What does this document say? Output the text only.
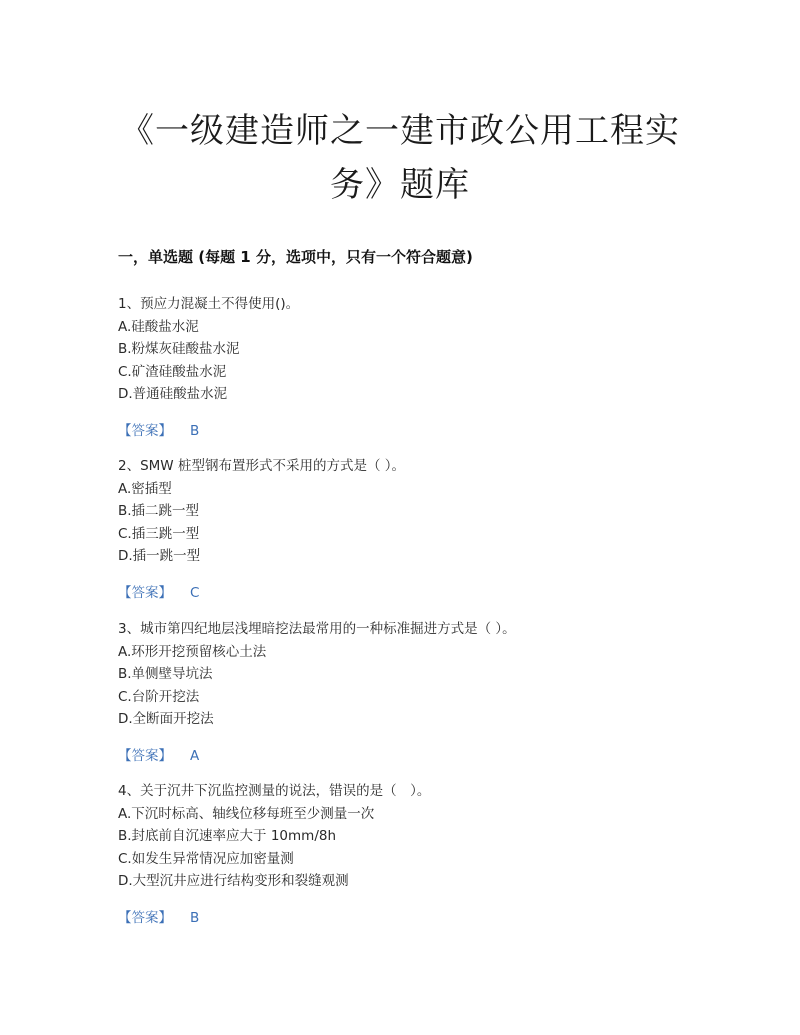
《一级建造师之一建市政公用工程实
务》题库
一，单选题 (每题 1 分，选项中，只有一个符合题意)
1、预应力混凝土不得使用()。
A.硅酸盐水泥
B.粉煤灰硅酸盐水泥
C.矿渣硅酸盐水泥
D.普通硅酸盐水泥
【答案】 B
2、SMW 桩型钢布置形式不采用的方式是（ ）。
A.密插型
B.插二跳一型
C.插三跳一型
D.插一跳一型
【答案】 C
3、城市第四纪地层浅埋暗挖法最常用的一种标准掘进方式是（ ）。
A.环形开挖预留核心土法
B.单侧壁导坑法
C.台阶开挖法
D.全断面开挖法
【答案】 A
4、关于沉井下沉监控测量的说法，错误的是（　）。
A.下沉时标高、轴线位移每班至少测量一次
B.封底前自沉速率应大于 10mm/8h
C.如发生异常情况应加密量测
D.大型沉井应进行结构变形和裂缝观测
【答案】 B
